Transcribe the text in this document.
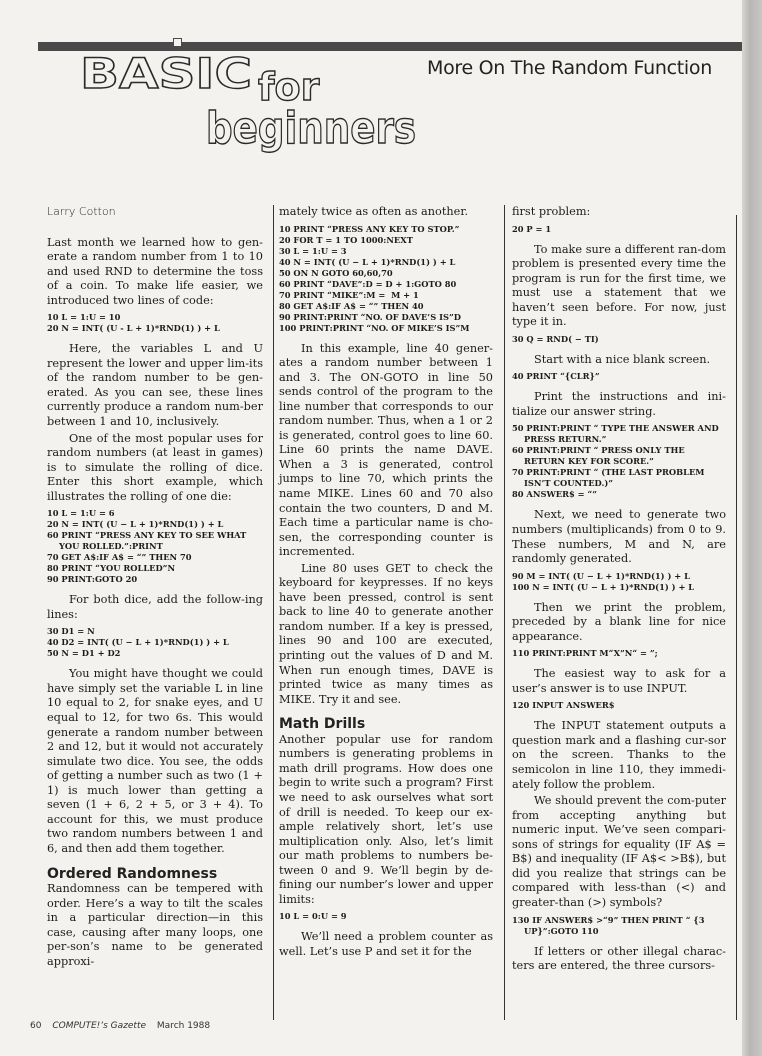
BASIC for
beginners
More On The Random Function
Larry Cotton

Last month we learned how to gen-erate a random number from 1 to 10 and used RND to determine the toss of a coin. To make life easier, we introduced two lines of code:

10 L = 1:U = 10
20 N = INT( (U - L + 1)*RND(1) ) + L

Here, the variables L and U represent the lower and upper lim-its of the random number to be gen-erated. As you can see, these lines currently produce a random num-ber between 1 and 10, inclusively.

One of the most popular uses for random numbers (at least in games) is to simulate the rolling of dice. Enter this short example, which illustrates the rolling of one die:

10 L = 1:U = 6
20 N = INT( (U − L + 1)*RND(1) ) + L
60 PRINT “PRESS ANY KEY TO SEE WHAT YOU ROLLED.”:PRINT
70 GET A$:IF A$ = “” THEN 70
80 PRINT “YOU ROLLED”N
90 PRINT:GOTO 20

For both dice, add the follow-ing lines:

30 D1 = N
40 D2 = INT( (U − L + 1)*RND(1) ) + L
50 N = D1 + D2

You might have thought we could have simply set the variable L in line 10 equal to 2, for snake eyes, and U equal to 12, for two 6s. This would generate a random number between 2 and 12, but it would not accurately simulate two dice. You see, the odds of getting a number such as two (1 + 1) is much lower than getting a seven (1 + 6, 2 + 5, or 3 + 4). To account for this, we must produce two random numbers between 1 and 6, and then add them together.

Ordered Randomness

Randomness can be tempered with order. Here’s a way to tilt the scales in a particular direction—in this case, causing after many loops, one per-son’s name to be generated approxi-

mately twice as often as another.

10 PRINT “PRESS ANY KEY TO STOP.”
20 FOR T = 1 TO 1000:NEXT
30 L = 1:U = 3
40 N = INT( (U − L + 1)*RND(1) ) + L
50 ON N GOTO 60,60,70
60 PRINT “DAVE”:D = D + 1:GOTO 80
70 PRINT “MIKE”:M =  M + 1
80 GET A$:IF A$ = “” THEN 40
90 PRINT:PRINT “NO. OF DAVE’S IS”D
100 PRINT:PRINT “NO. OF MIKE’S IS”M

In this example, line 40 gener-ates a random number between 1 and 3. The ON-GOTO in line 50 sends control of the program to the line number that corresponds to our random number. Thus, when a 1 or 2 is generated, control goes to line 60. Line 60 prints the name DAVE. When a 3 is generated, control jumps to line 70, which prints the name MIKE. Lines 60 and 70 also contain the two counters, D and M. Each time a particular name is cho-sen, the corresponding counter is incremented.

Line 80 uses GET to check the keyboard for keypresses. If no keys have been pressed, control is sent back to line 40 to generate another random number. If a key is pressed, lines 90 and 100 are executed, printing out the values of D and M. When run enough times, DAVE is printed twice as many times as MIKE. Try it and see.

Math Drills

Another popular use for random numbers is generating problems in math drill programs. How does one begin to write such a program? First we need to ask ourselves what sort of drill is needed. To keep our ex-ample relatively short, let’s use multiplication only. Also, let’s limit our math problems to numbers be-tween 0 and 9. We’ll begin by de-fining our number’s lower and upper limits:

10 L = 0:U = 9

We’ll need a problem counter as well. Let’s use P and set it for the

first problem:

20 P = 1

To make sure a different ran-dom problem is presented every time the program is run for the first time, we must use a statement that we haven’t seen before. For now, just type it in.

30 Q = RND( − TI)

Start with a nice blank screen.

40 PRINT “{CLR}”

Print the instructions and ini-tialize our answer string.

50 PRINT:PRINT “ TYPE THE ANSWER AND PRESS RETURN.”
60 PRINT:PRINT “ PRESS ONLY THE RETURN KEY FOR SCORE.”
70 PRINT:PRINT “ (THE LAST PROBLEM ISN’T COUNTED.)”
80 ANSWER$ = “”

Next, we need to generate two numbers (multiplicands) from 0 to 9. These numbers, M and N, are randomly generated.

90 M = INT( (U − L + 1)*RND(1) ) + L
100 N = INT( (U − L + 1)*RND(1) ) + L

Then we print the problem, preceded by a blank line for nice appearance.

110 PRINT:PRINT M“X”N“ = ”;

The easiest way to ask for a user’s answer is to use INPUT.

120 INPUT ANSWER$

The INPUT statement outputs a question mark and a flashing cur-sor on the screen. Thanks to the semicolon in line 110, they immedi-ately follow the problem.

We should prevent the com-puter from accepting anything but numeric input. We’ve seen compari-sons of strings for equality (IF A$ = B$) and inequality (IF A$< >B$), but did you realize that strings can be compared with less-than (<) and greater-than (>) symbols?

130 IF ANSWER$ >“9” THEN PRINT “ {3 UP}”:GOTO 110

If letters or other illegal charac-ters are entered, the three cursors-

60 COMPUTE!’s Gazette March 1988
